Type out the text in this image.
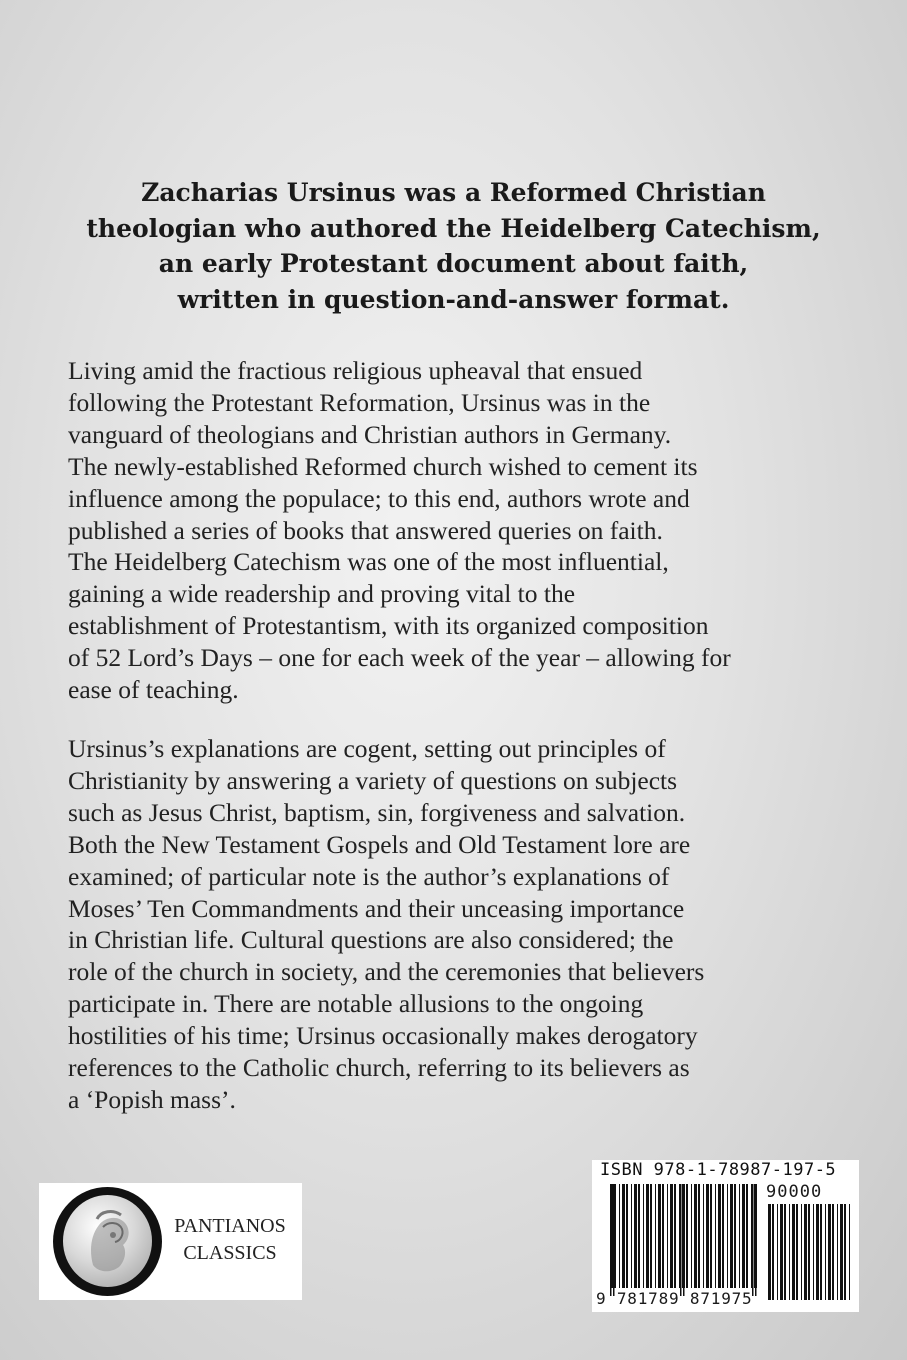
Zacharias Ursinus was a Reformed Christian
theologian who authored the Heidelberg Catechism,
an early Protestant document about faith,
written in question-and-answer format.

Living amid the fractious religious upheaval that ensued
following the Protestant Reformation, Ursinus was in the
vanguard of theologians and Christian authors in Germany.
The newly-established Reformed church wished to cement its
influence among the populace; to this end, authors wrote and
published a series of books that answered queries on faith.
The Heidelberg Catechism was one of the most influential,
gaining a wide readership and proving vital to the
establishment of Protestantism, with its organized composition
of 52 Lord’s Days – one for each week of the year – allowing for
ease of teaching.

Ursinus’s explanations are cogent, setting out principles of
Christianity by answering a variety of questions on subjects
such as Jesus Christ, baptism, sin, forgiveness and salvation.
Both the New Testament Gospels and Old Testament lore are
examined; of particular note is the author’s explanations of
Moses’ Ten Commandments and their unceasing importance
in Christian life. Cultural questions are also considered; the
role of the church in society, and the ceremonies that believers
participate in. There are notable allusions to the ongoing
hostilities of his time; Ursinus occasionally makes derogatory
references to the Catholic church, referring to its believers as
a ‘Popish mass’.

PANTIANOS
CLASSICS
ISBN 978-1-78987-197-5
90000
9 781789 871975
